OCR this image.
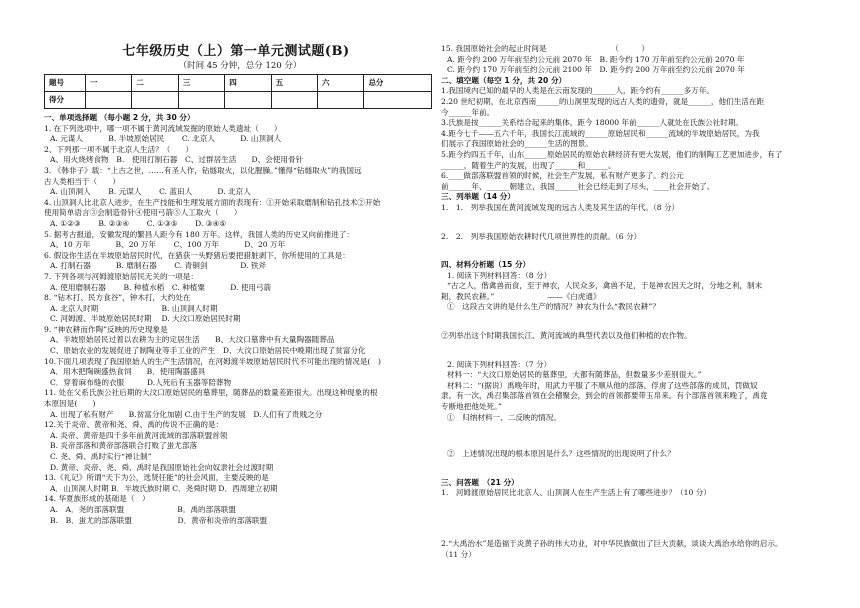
七年级历史（上）第一单元测试题(B)
（时间 45 分钟，总分 120 分）
题号	一	二	三	四	五	六	总分
得分							
一、单项选择题 （每小题 2 分，共 30 分）
1. 在下列选项中，哪一项不属于黄河流域发掘的原始人类遗址（　　）
A. 元谋人　　　 B. 半坡原始居民　　 C. 北京人　　　 D. 山顶洞人
2、下列那一项不属于北京人生活？（　　）
A、用火烧烤食物　B.　使用打制石器　C、过群居生活　　D、会使用骨针
3. 《韩非子》载：“上古之世，……有圣人作，钻燧取火，以化腥臊。”懂得“钻燧取火”的我国远
古人类相当于（　　）
A. 山顶洞人　　 B. 元谋人　　 C. 蓝田人　　　 D. 北京人
4. 山顶洞人比北京人进步，在生产技能和生理发展方面的表现有：①开始采取磨制和钻孔技术②开始
使用简单语言③会制造骨针④使用弓箭⑤人工取火（　　）
A. ①②③　　 B. ②③④　　 C. ①③⑤　　 D. ③④⑤
5. 据考古报道，安徽发现的繁昌人距今有 180 万年。这样，我国人类的历史又向前推进了：
A、10 万年　　　 B、20 万年　　 C、100 万年　　　 D、20 万年
6. 假设你生活在半坡原始居民时代，在猎获一头野猪后要把猎脏剥下，你所使用的工具是：
A. 打制石器　　　 B. 磨制石器　　 C. 青铜剑　　　　 D. 铁斧
7. 下列各项与河姆渡原始居民无关的一项是：
A. 使用磨制石器　　 B. 种植水稻　C. 种植粟　　　 D. 使用弓箭
8. “钻木打、民方食谷”，钟木打，大约处在
A. 北京人时期　　　　　　　　 B. 山顶洞人时期
C. 河姆渡、半坡原始居民时期　 D. 大汶口原始居民时期
9. “神农耕而作陶”反映的历史现象是
A、半坡原始居民过着以农耕为主的定居生活　　B、大汶口墓葬中有大量陶器随葬品
C、原始农业的发展促进了制陶业等手工业的产生　D、大汶口原始居民中晚期出现了贫富分化
10.下面几项表现了我国原始人的生产生活情况，在河姆渡半坡原始居民时代不可能出现的情况是(　)
A．用木把陶碗盛热食饲　　B．使用陶器盛具
C．穿着麻布缝的衣服　　　D.人死后有玉器等陪葬物
11. 处在父系氏族公社后期的大汶口原始居民的墓葬里，随葬品的数量差距很大。出现这种现象的根
本原因是(　　)
A. 出现了私有财产　　B.贫富分化加剧 C.由于生产的发展　D.人们有了贵贱之分
12.关于炎帝、黄帝和尧、舜、禹的传说不正确的是：
A. 炎帝、黄帝是四千多年前黄河流域的部落联盟首领
B. 炎帝部落和黄帝部落联合打败了蚩尤部落
C. 尧、舜、禹时实行“禅让制”
D. 黄帝、炎帝、尧、舜、禹时是我国原始社会向奴隶社会过渡时期
13.《礼记》所谓“天下为公，选贤任能”的社会风面，主要反映的是
A．山顶洞人时期 B．半坡氏族时期 C．尧舜时期 D．西周建立初期
14. 华夏族形成的基础是（　）
A.　A．尧的部落联盟　　　　　　　B．禹的部落联盟
B.　B．蚩尤的部落联盟　　　　　　D．黄帝和炎帝的部落联盟
15. 我国原始社会的起止时间是　　　　　　　　　（　　　）
A. 距今约 200 万年前至约公元前 2070 年　B. 距今约 170 万年前至约公元前 2070 年
C. 距今约 170 万年前至约公元前 2100 年　D. 距今约 200 万年前至约公元前 2070 年
二、填空题（每空 1 分，共 20 分）
1.我国境内已知的最早的人类是在云南发现的______人，距今约有______多万年。
2.20 世纪初期，在北京西南______的山洞里发现的远古人类的遗骨，就是______，他们生活在距
今______年前。
3.氏族是按______关系结合起来的集体，距今 18000 年前______人就处在氏族公社时期。
4.距今七千——五六千年，我国长江流域的______原始居民和______流域的半坡原始居民，为我
们展示了我国原始社会的______生活的图景。
5.距今约四五千年，山东______原始居民的原始农耕经济有更大发展，他们的制陶工艺更加进步，有了
______，随着生产的发展，出现了______和______。
6.____做部落联盟首领的时候，社会生产发展，私有财产更多了。约公元
前______年，______朝建立，我国______社会已经走到了尽头，____社会开始了。
三、列举题（14 分）
1.　1.　列举我国在黄河流域发现的远古人类及其生活的年代。（8 分）
2.　2.　列举我国原始农耕时代几项世界性的贡献。（6 分）
四、材料分析题（15 分）
1. 阅读下列材料回答：（8 分）
“古之人，偕禽兽而食，至于神农，人民众多，禽兽不足，于是神农因天之时，分地之利，制未
耜，教民农耕。”　　　　　　　——《白虎通》
①　这段古文讲的是什么生产的情况？神农为什么“教民农耕”？
②列举出这个时期我国长江、黄河流域的典型代表以及他们种植的农作物。
2. 阅读下列材料回答：（7 分）
材料一：“大汶口原始居民的墓葬里，大都有随葬品，但数量多少差别很大。”
材料二：“(据说）禹晚年时，用武力平服了不顺从他的部落，俘虏了这些部落的成员，罚做奴
隶。有一次，禹召集部落首领在会稽聚会，到会的首领都要带玉帛来。有个部落首领来晚了，禹竟
专断地把他处死。”
①　归纳材料一、二反映的情况。
②　上述情况出现的根本原因是什么？这些情况的出现说明了什么？
三、问答题　（21 分）
1.　河姆渡原始居民比北京人、山顶洞人在生产生活上有了哪些进步？（10 分）
2.“大禹治水”是造福于炎黄子孙的伟大功业，对中华民族做出了巨大贡献，谈谈大禹治水给你的启示。
（11 分）
